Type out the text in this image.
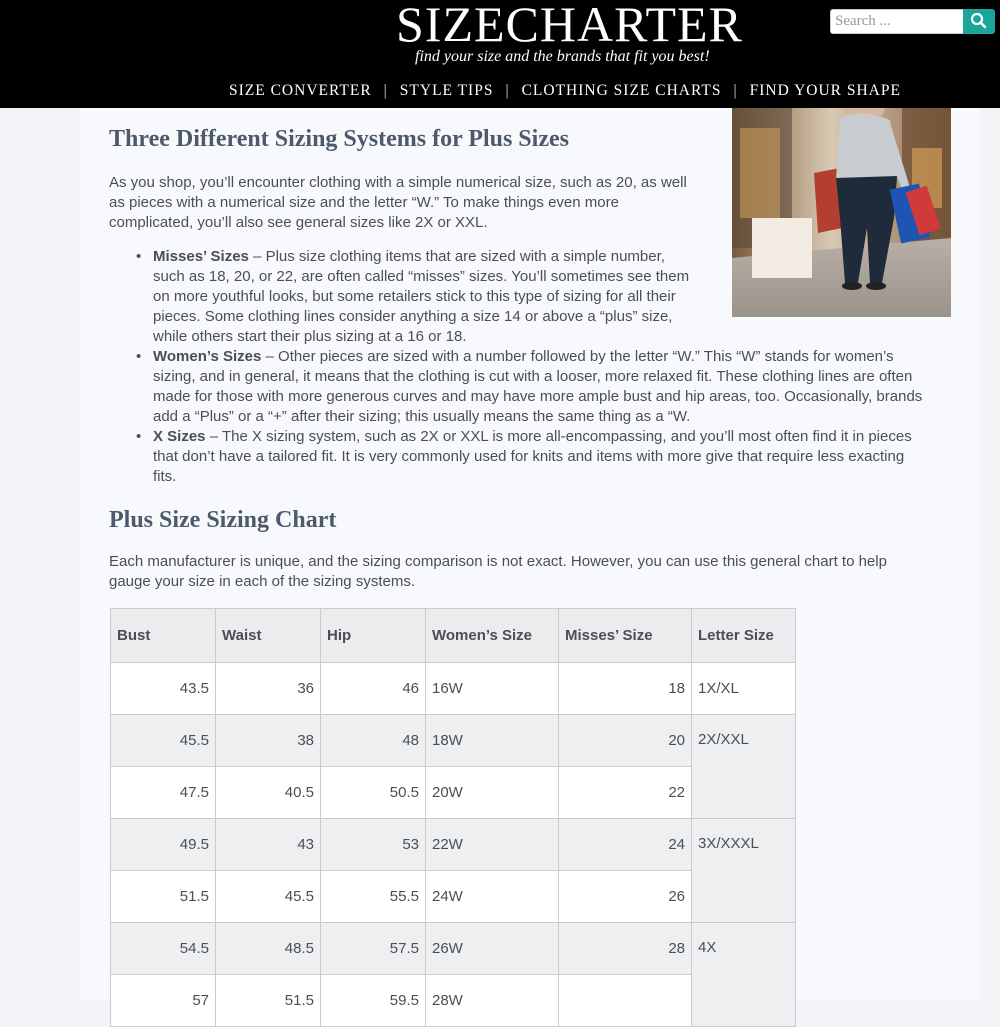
SIZECHARTER
find your size and the brands that fit you best!
Search ...
SIZE CONVERTER | STYLE TIPS | CLOTHING SIZE CHARTS | FIND YOUR SHAPE
Three Different Sizing Systems for Plus Sizes

As you shop, you’ll encounter clothing with a simple numerical size, such as 20, as well
as pieces with a numerical size and the letter “W.” To make things even more
complicated, you’ll also see general sizes like 2X or XXL.

• Misses’ Sizes – Plus size clothing items that are sized with a simple number,
such as 18, 20, or 22, are often called “misses” sizes. You’ll sometimes see them
on more youthful looks, but some retailers stick to this type of sizing for all their
pieces. Some clothing lines consider anything a size 14 or above a “plus” size,
while others start their plus sizing at a 16 or 18.
• Women’s Sizes – Other pieces are sized with a number followed by the letter “W.” This “W” stands for women’s
sizing, and in general, it means that the clothing is cut with a looser, more relaxed fit. These clothing lines are often
made for those with more generous curves and may have more ample bust and hip areas, too. Occasionally, brands
add a “Plus” or a “+” after their sizing; this usually means the same thing as a “W.
• X Sizes – The X sizing system, such as 2X or XXL is more all-encompassing, and you’ll most often find it in pieces
that don’t have a tailored fit. It is very commonly used for knits and items with more give that require less exacting
fits.
Plus Size Sizing Chart

Each manufacturer is unique, and the sizing comparison is not exact. However, you can use this general chart to help
gauge your size in each of the sizing systems.

Bust	Waist	Hip	Women’s Size	Misses’ Size	Letter Size
43.5	36	46	16W	18	1X/XL
45.5	38	48	18W	20	2X/XXL
47.5	40.5	50.5	20W	22	
49.5	43	53	22W	24	3X/XXXL
51.5	45.5	55.5	24W	26	
54.5	48.5	57.5	26W	28	4X
57	51.5	59.5	28W		
